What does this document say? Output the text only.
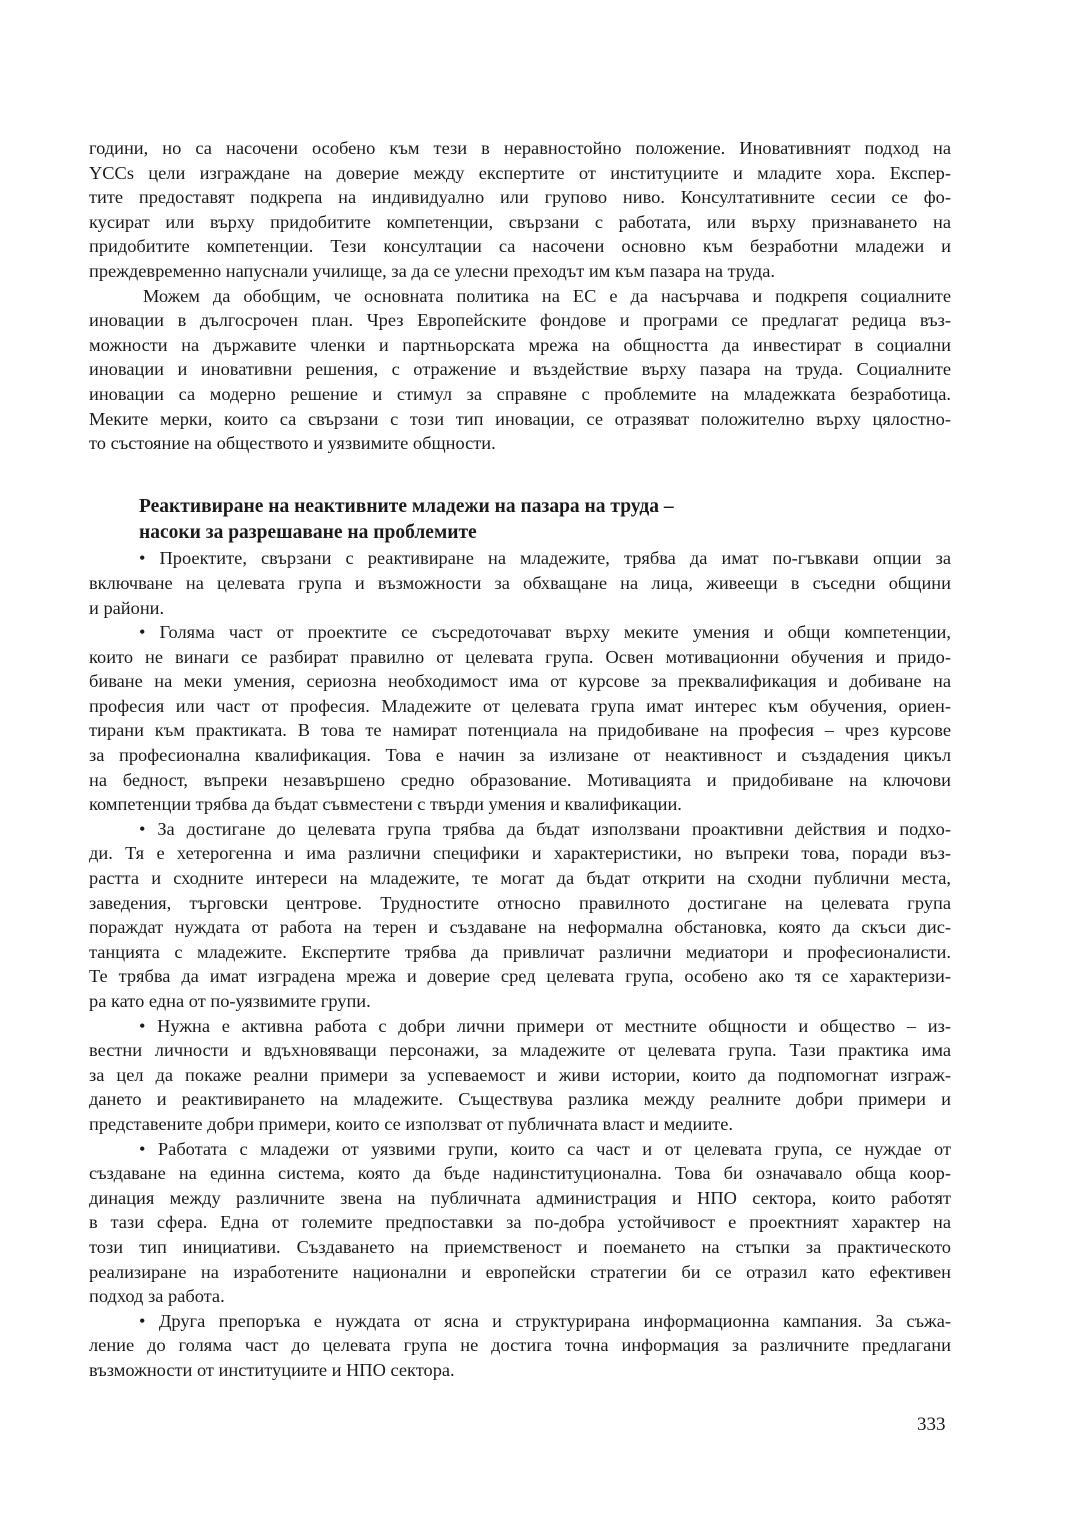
години, но са насочени особено към тези в неравностойно положение. Иновативният подход на
YCCs цели изграждане на доверие между експертите от институциите и младите хора. Експер-
тите предоставят подкрепа на индивидуално или групово ниво. Консултативните сесии се фо-
кусират или върху придобитите компетенции, свързани с работата, или върху признаването на
придобитите компетенции. Тези консултации са насочени основно към безработни младежи и
преждевременно напуснали училище, за да се улесни преходът им към пазара на труда.
Можем да обобщим, че основната политика на ЕС е да насърчава и подкрепя социалните
иновации в дългосрочен план. Чрез Европейските фондове и програми се предлагат редица въз-
можности на държавите членки и партньорската мрежа на общността да инвестират в социални
иновации и иновативни решения, с отражение и въздействие върху пазара на труда. Социалните
иновации са модерно решение и стимул за справяне с проблемите на младежката безработица.
Меките мерки, които са свързани с този тип иновации, се отразяват положително върху цялостно-
то състояние на обществото и уязвимите общности.
Реактивиране на неактивните младежи на пазара на труда –
насоки за разрешаване на проблемите
• Проектите, свързани с реактивиране на младежите, трябва да имат по-гъвкави опции за
включване на целевата група и възможности за обхващане на лица, живеещи в съседни общини
и райони.
• Голяма част от проектите се съсредоточават върху меките умения и общи компетенции,
които не винаги се разбират правилно от целевата група. Освен мотивационни обучения и придо-
биване на меки умения, сериозна необходимост има от курсове за преквалификация и добиване на
професия или част от професия. Младежите от целевата група имат интерес към обучения, ориен-
тирани към практиката. В това те намират потенциала на придобиване на професия – чрез курсове
за професионална квалификация. Това е начин за излизане от неактивност и създадения цикъл
на бедност, въпреки незавършено средно образование. Мотивацията и придобиване на ключови
компетенции трябва да бъдат съвместени с твърди умения и квалификации.
• За достигане до целевата група трябва да бъдат използвани проактивни действия и подхо-
ди. Тя е хетерогенна и има различни специфики и характеристики, но въпреки това, поради въз-
растта и сходните интереси на младежите, те могат да бъдат открити на сходни публични места,
заведения, търговски центрове. Трудностите относно правилното достигане на целевата група
пораждат нуждата от работа на терен и създаване на неформална обстановка, която да скъси дис-
танцията с младежите. Експертите трябва да привличат различни медиатори и професионалисти.
Те трябва да имат изградена мрежа и доверие сред целевата група, особено ако тя се характеризи-
ра като една от по-уязвимите групи.
• Нужна е активна работа с добри лични примери от местните общности и общество – из-
вестни личности и вдъхновяващи персонажи, за младежите от целевата група. Тази практика има
за цел да покаже реални примери за успеваемост и живи истории, които да подпомогнат изграж-
дането и реактивирането на младежите. Съществува разлика между реалните добри примери и
представените добри примери, които се използват от публичната власт и медиите.
• Работата с младежи от уязвими групи, които са част и от целевата група, се нуждае от
създаване на единна система, която да бъде надинституционална. Това би означавало обща коор-
динация между различните звена на публичната администрация и НПО сектора, които работят
в тази сфера. Една от големите предпоставки за по-добра устойчивост е проектният характер на
този тип инициативи. Създаването на приемственост и поемането на стъпки за практическото
реализиране на изработените национални и европейски стратегии би се отразил като ефективен
подход за работа.
• Друга препоръка е нуждата от ясна и структурирана информационна кампания. За съжа-
ление до голяма част до целевата група не достига точна информация за различните предлагани
възможности от институциите и НПО сектора.
333
